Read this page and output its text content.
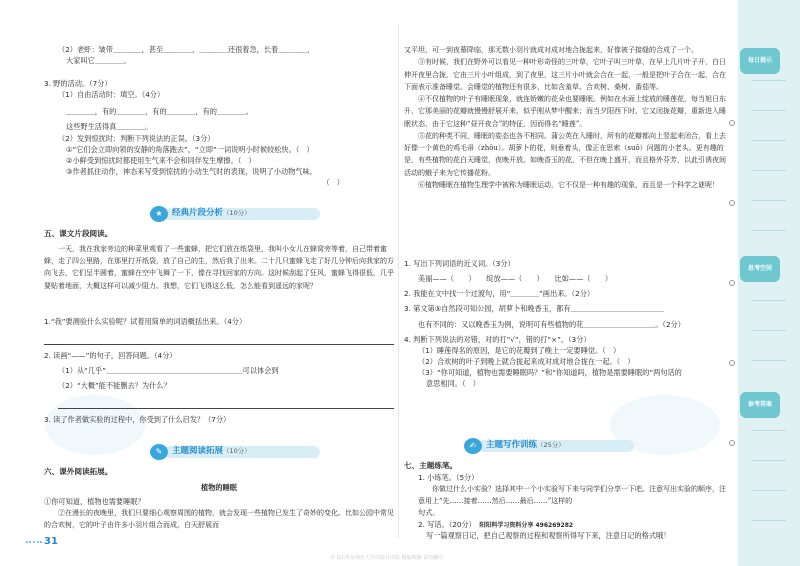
（2）老虾：皱带＿＿＿＿，甚至＿＿＿＿，＿＿＿＿还很着急，长着＿＿＿＿，
大家叫它＿＿＿＿。
3. 野的活动。（7分）
（1）自由活动时：填空。（4分）
＿＿＿＿，有的＿＿＿＿，有的＿＿＿＿，有的＿＿＿＿。
这些野生活得真＿＿＿＿。
（2）发到惊扰时：判断下列说法的正误。（3分）
①“它们会立即向领的安静的角落跑去”，“立即”一词说明小时候较松快。（　）
②小鲜受到惊扰时都使用生气来不会和同伴发生摩擦。（　）
③作者抓住动作，神态来写受到惊扰的小动生气时的表现，说明了小动物气味。
（　）
★	经典片段分析（10分）
五、课文片段阅读。
一天，我在我家旁边的种菜里观看了一些蜜蜂，把它们放在纸袋里，我叫小女儿在蜂窝旁等着，自己带着蜜蜂，走了四公里路，在那里打开纸袋，放了自己的生，然后我了出来。二十几只蜜蜂飞走了好几分钟后向我家的方向飞去，它们呈半圆着，蜜蜂在空中飞舞了一下，像在寻找回家的方向。这时候刮起了狂风，蜜蜂飞得很低，几乎要贴着地面，大概这样可以减少阻力。我想，它们飞得这么低，怎么能看到遥远的家呢？
1.“我”要测验什么实验呢？试着用简单的词语概括出来。（4分）
2. 读画“——”的句子，回答问题。（4分）
（1）从“几乎”＿＿＿＿＿＿＿＿＿＿＿＿＿＿＿＿＿＿＿可以体会到
（2）“大概”能不能删去？为什么？
3. 读了作者做实验的过程中，你受到了什么启发？（7分）
✎	主题阅读拓展（10分）
六、课外阅读拓展。
植物的睡眠
①你可知道，植物也需要睡眠？
②在漫长的夜晚里，我们只要细心观察周围的植物，就会发现一些植物已发生了奇妙的变化。比如公园中常见的合欢树，它的叶子由许多小羽片组合而成，白天舒展而
31
又平坦，可一到夜幕降临，那无数小羽片就成对成对地合拢起来，好像被子接缝的合成了一个。
③有时候，我们在野外可以看见一种叶形奇怪的三叶草，它叶子叫三叶草，在早上几片叶子开，白日伸开夜里合拢，它由三片小叶组成，到了夜里，这三片小叶就会合在一起，一般是把叶子合在一起，合在下面表示准备睡觉。会睡觉的植物还有很多，比如含羞草、合欢树、桑树、番茄等。
④不仅植物的叶子有睡眠现象，就连娇嫩的花朵也要睡眠。例如在水面上绽放的睡莲花，每当旭日东升，它那美丽的花瓣就慢慢舒展开来，似乎刚从梦中醒来；而当夕阳西下时，它又闭拢花瓣，重新进入睡眠状态，由于它这种“昼开夜合”的特征，因而得名“睡莲”。
⑤花的种类不同，睡眠的姿态也各不相同。蒲公英在入睡时，所有的花瓣都向上竖起来闭合，看上去好像一个黄色的鸡毛帚（zhǒu）。胡萝卜的花，则垂着头，像正在思索（suǒ）问题的小老头。更有趣的是，有些植物的花白天睡觉，夜晚开放。如晚香玉的花，不但在晚上盛开，而且格外芬芳，以此引诱夜间活动的蛾子来为它传播花粉。
⑥植物睡眠在植物生理学中被称为睡眠运动，它不仅是一种有趣的现象，而且是一个科学之谜呢！
1. 写出下列词语的近义词。（3分）
美丽——（　　）　　绽放——（　　）　　比如——（　　）
2. 我能在文中找一个过渡句，用“＿＿＿＿”画出来。（2分）
3. 第文第⑤自然段可知公园，胡萝卜和晚香玉，都有＿＿＿＿＿＿＿＿＿＿＿＿＿
也有不同的：又以晚香玉为例，说明可有些植物的花＿＿＿＿＿＿＿＿＿＿。（2分）
4. 判断下列说法的对错，对的打“√”，错的打“×”。（3分）
（1）睡莲得名的原因，是它的花瓣到了晚上一定要睡觉。（　）
（2）合欢树的叶子到晚上就合拢起来成对成对地合拢在一起。（　）
（3）“你可知道，植物也需要睡眠吗？”和“你知道吗，植物是需要睡眠的”两句话的
意思相同。（　）
✍	主题写作训练（25分）
七、主题练笔。
1. 小练笔。（5分）
你做过什么小实验？选择其中一个小实验写下来与同学们分享一下吧。注意写出实验的顺序，注意用上“先……接着……然后……最后……”这样的
句式。
2. 写话。（20分）　 阳阳料学习资料分享 496269282
写一篇观察日记，把自己观察的过程和观察所得写下来，注意日记的格式哦！
每日提示
思考空间
参考答案
本书由华东师范大学出版社出版 精编教辅 请勿翻印
